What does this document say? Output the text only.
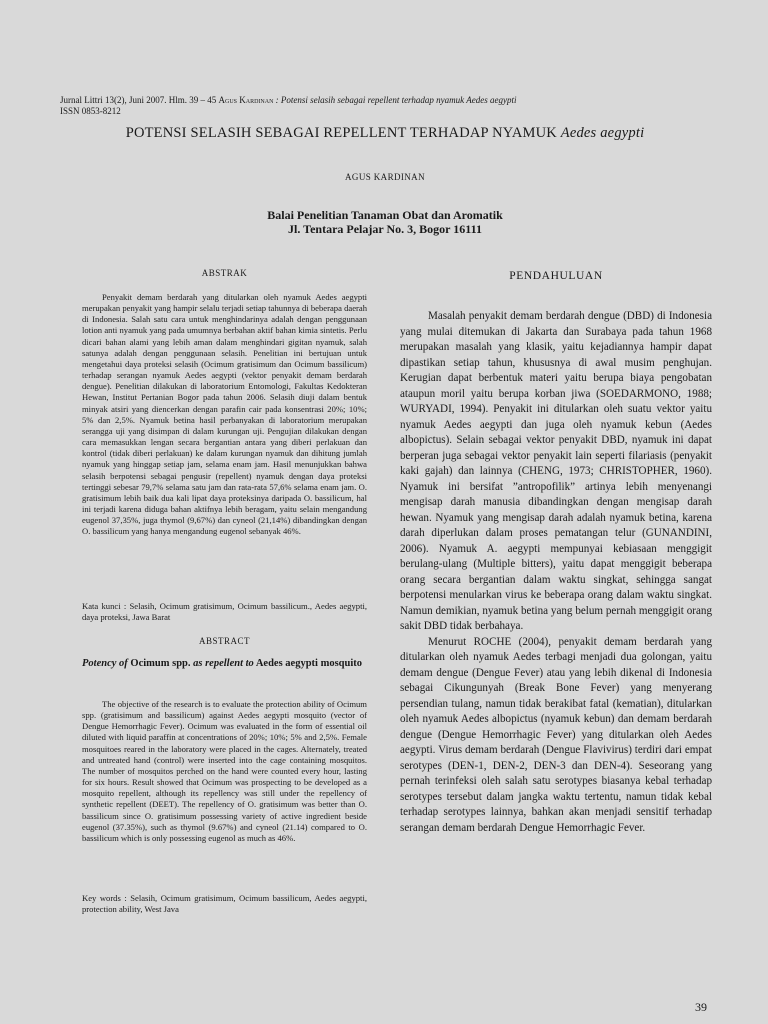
Jurnal Littri 13(2), Juni 2007. Hlm. 39 – 45 Agus Kardinan : Potensi selasih sebagai repellent terhadap nyamuk Aedes aegypti
ISSN 0853-8212
POTENSI SELASIH SEBAGAI REPELLENT TERHADAP NYAMUK Aedes aegypti
AGUS KARDINAN
Balai Penelitian Tanaman Obat dan Aromatik
Jl. Tentara Pelajar No. 3, Bogor 16111
ABSTRAK

Penyakit demam berdarah yang ditularkan oleh nyamuk Aedes aegypti merupakan penyakit yang hampir selalu terjadi setiap tahunnya di beberapa daerah di Indonesia. Salah satu cara untuk menghindarinya adalah dengan penggunaan lotion anti nyamuk yang pada umumnya berbahan aktif bahan kimia sintetis. Perlu dicari bahan alami yang lebih aman dalam menghindari gigitan nyamuk, salah satunya adalah dengan penggunaan selasih. Penelitian ini bertujuan untuk mengetahui daya proteksi selasih (Ocimum gratisimum dan Ocimum bassilicum) terhadap serangan nyamuk Aedes aegypti (vektor penyakit demam berdarah dengue). Penelitian dilakukan di laboratorium Entomologi, Fakultas Kedokteran Hewan, Institut Pertanian Bogor pada tahun 2006. Selasih diuji dalam bentuk minyak atsiri yang diencerkan dengan parafin cair pada konsentrasi 20%; 10%; 5% dan 2,5%. Nyamuk betina hasil perbanyakan di laboratorium merupakan serangga uji yang disimpan di dalam kurungan uji. Pengujian dilakukan dengan cara memasukkan lengan secara bergantian antara yang diberi perlakuan dan kontrol (tidak diberi perlakuan) ke dalam kurungan nyamuk dan dihitung jumlah nyamuk yang hinggap setiap jam, selama enam jam. Hasil menunjukkan bahwa selasih berpotensi sebagai pengusir (repellent) nyamuk dengan daya proteksi tertinggi sebesar 79,7% selama satu jam dan rata-rata 57,6% selama enam jam. O. gratisimum lebih baik dua kali lipat daya proteksinya daripada O. bassilicum, hal ini terjadi karena diduga bahan aktifnya lebih beragam, yaitu selain mengandung eugenol 37,35%, juga thymol (9,67%) dan cyneol (21,14%) dibandingkan dengan O. bassilicum yang hanya mengandung eugenol sebanyak 46%.

Kata kunci : Selasih, Ocimum gratisimum, Ocimum bassilicum., Aedes aegypti, daya proteksi, Jawa Barat
ABSTRACT
Potency of Ocimum spp. as repellent to Aedes aegypti mosquito

The objective of the research is to evaluate the protection ability of Ocimum spp. (gratisimum and bassilicum) against Aedes aegypti mosquito (vector of Dengue Hemorrhagic Fever). Ocimum was evaluated in the form of essential oil diluted with liquid paraffin at concentrations of 20%; 10%; 5% and 2,5%. Female mosquitoes reared in the laboratory were placed in the cages. Alternately, treated and untreated hand (control) were inserted into the cage containing mosquitos. The number of mosquitos perched on the hand were counted every hour, lasting for six hours. Result showed that Ocimum was prospecting to be developed as a mosquito repellent, although its repellency was still under the repellency of synthetic repellent (DEET). The repellency of O. gratisimum was better than O. bassilicum since O. gratisimum possessing variety of active ingredient beside eugenol (37.35%), such as thymol (9.67%) and cyneol (21.14) compared to O. bassilicum which is only possessing eugenol as much as 46%.

Key words : Selasih, Ocimum gratisimum, Ocimum bassilicum, Aedes aegypti, protection ability, West Java
PENDAHULUAN

Masalah penyakit demam berdarah dengue (DBD) di Indonesia yang mulai ditemukan di Jakarta dan Surabaya pada tahun 1968 merupakan masalah yang klasik, yaitu kejadiannya hampir dapat dipastikan setiap tahun, khususnya di awal musim penghujan. Kerugian dapat berbentuk materi yaitu berupa biaya pengobatan ataupun moril yaitu berupa korban jiwa (SOEDARMONO, 1988; WURYADI, 1994). Penyakit ini ditularkan oleh suatu vektor yaitu nyamuk Aedes aegypti dan juga oleh nyamuk kebun (Aedes albopictus). Selain sebagai vektor penyakit DBD, nyamuk ini dapat berperan juga sebagai vektor penyakit lain seperti filariasis (penyakit kaki gajah) dan lainnya (CHENG, 1973; CHRISTOPHER, 1960). Nyamuk ini bersifat ”antropofilik” artinya lebih menyenangi mengisap darah manusia dibandingkan dengan mengisap darah hewan. Nyamuk yang mengisap darah adalah nyamuk betina, karena darah diperlukan dalam proses pematangan telur (GUNANDINI, 2006). Nyamuk A. aegypti mempunyai kebiasaan menggigit berulang-ulang (Multiple bitters), yaitu dapat menggigit beberapa orang secara bergantian dalam waktu singkat, sehingga sangat berpotensi menularkan virus ke beberapa orang dalam waktu singkat. Namun demikian, nyamuk betina yang belum pernah menggigit orang sakit DBD tidak berbahaya.

Menurut ROCHE (2004), penyakit demam berdarah yang ditularkan oleh nyamuk Aedes terbagi menjadi dua golongan, yaitu demam dengue (Dengue Fever) atau yang lebih dikenal di Indonesia sebagai Cikungunyah (Break Bone Fever) yang menyerang persendian tulang, namun tidak berakibat fatal (kematian), ditularkan oleh nyamuk Aedes albopictus (nyamuk kebun) dan demam berdarah dengue (Dengue Hemorrhagic Fever) yang ditularkan oleh Aedes aegypti. Virus demam berdarah (Dengue Flavivirus) terdiri dari empat serotypes (DEN-1, DEN-2, DEN-3 dan DEN-4). Seseorang yang pernah terinfeksi oleh salah satu serotypes biasanya kebal terhadap serotypes tersebut dalam jangka waktu tertentu, namun tidak kebal terhadap serotypes lainnya, bahkan akan menjadi sensitif terhadap serangan demam berdarah Dengue Hemorrhagic Fever.

39
